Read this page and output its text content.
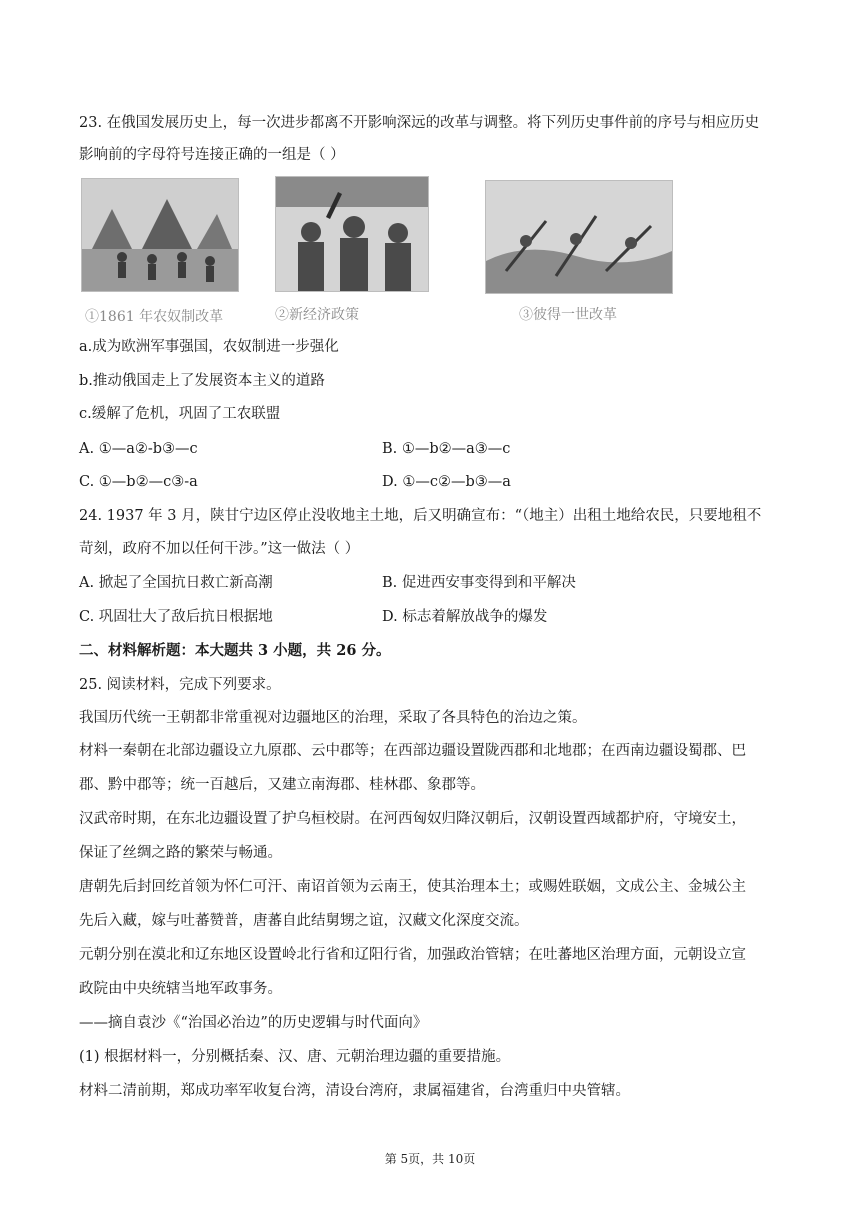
23. 在俄国发展历史上，每一次进步都离不开影响深远的改革与调整。将下列历史事件前的序号与相应历史
影响前的字母符号连接正确的一组是（ ）
①1861 年农奴制改革	②新经济政策	③彼得一世改革
a.成为欧洲军事强国，农奴制进一步强化
b.推动俄国走上了发展资本主义的道路
c.缓解了危机，巩固了工农联盟
A. ①—a②-b③—c	B. ①—b②—a③—c
C. ①—b②—c③-a	D. ①—c②—b③—a
24. 1937 年 3 月，陕甘宁边区停止没收地主土地，后又明确宣布：“（地主）出租土地给农民，只要地租不
苛刻，政府不加以任何干涉。”这一做法（ ）
A. 掀起了全国抗日救亡新高潮	B. 促进西安事变得到和平解决
C. 巩固壮大了敌后抗日根据地	D. 标志着解放战争的爆发
二、材料解析题：本大题共 3 小题，共 26 分。
25. 阅读材料，完成下列要求。
我国历代统一王朝都非常重视对边疆地区的治理，采取了各具特色的治边之策。
材料一秦朝在北部边疆设立九原郡、云中郡等；在西部边疆设置陇西郡和北地郡；在西南边疆设蜀郡、巴
郡、黔中郡等；统一百越后，又建立南海郡、桂林郡、象郡等。
汉武帝时期，在东北边疆设置了护乌桓校尉。在河西匈奴归降汉朝后，汉朝设置西域都护府，守境安土，
保证了丝绸之路的繁荣与畅通。
唐朝先后封回纥首领为怀仁可汗、南诏首领为云南王，使其治理本土；或赐姓联姻，文成公主、金城公主
先后入藏，嫁与吐蕃赞普，唐蕃自此结舅甥之谊，汉藏文化深度交流。
元朝分别在漠北和辽东地区设置岭北行省和辽阳行省，加强政治管辖；在吐蕃地区治理方面，元朝设立宣
政院由中央统辖当地军政事务。
——摘自袁沙《“治国必治边”的历史逻辑与时代面向》
(1) 根据材料一，分别概括秦、汉、唐、元朝治理边疆的重要措施。
材料二清前期，郑成功率军收复台湾，清设台湾府，隶属福建省，台湾重归中央管辖。
第 5页，共 10页
